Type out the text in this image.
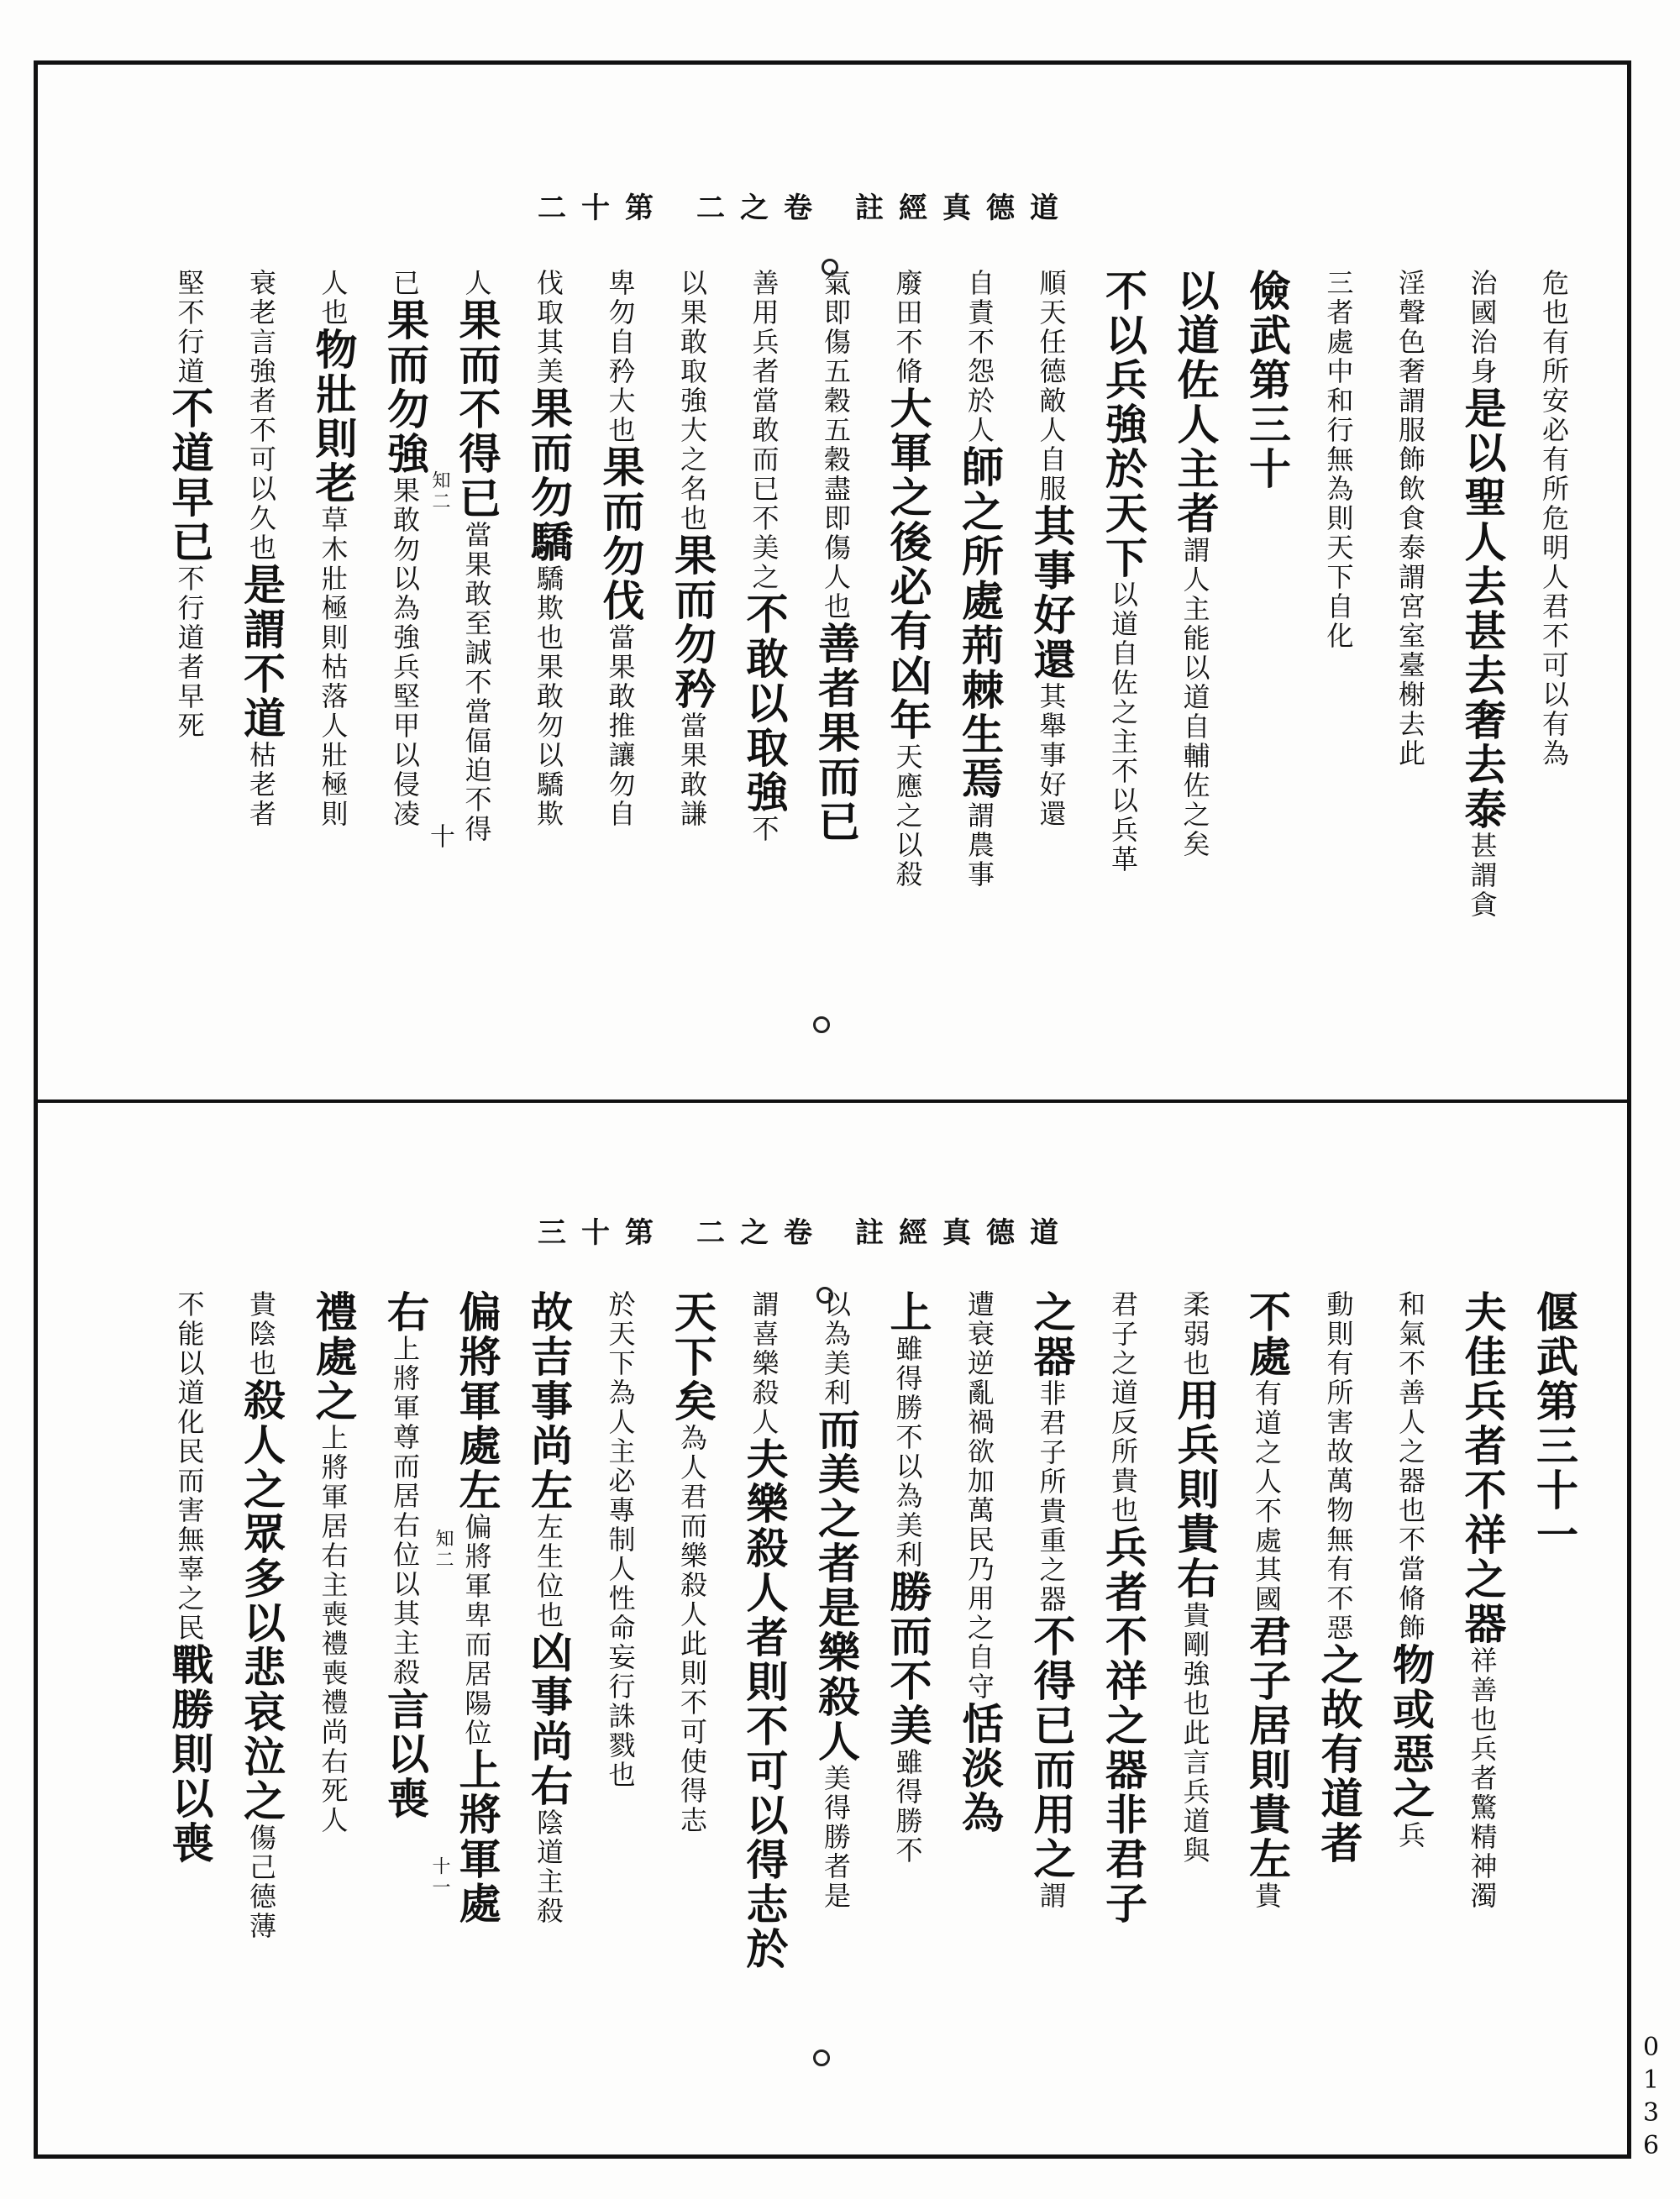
道
德
真
經
註
卷
之
二
第
十
二
道
德
真
經
註
卷
之
二
第
十
三
危也有所安必有所危明人君不可以有為
治國治身是以聖人去甚去奢去泰甚謂貪
淫聲色奢謂服飾飲食泰謂宮室臺榭去此
三者處中和行無為則天下自化
儉武第三十
以道佐人主者謂人主能以道自輔佐之矣
不以兵強於天下以道自佐之主不以兵革
順天任德敵人自服其事好還其舉事好還
自責不怨於人師之所處荊棘生焉謂農事
廢田不脩大軍之後必有凶年天應之以殺
氣即傷五穀五穀盡即傷人也善者果而已
善用兵者當敢而已不美之不敢以取強不
以果敢取強大之名也果而勿矜當果敢謙
卑勿自矜大也果而勿伐當果敢推讓勿自
伐取其美果而勿驕驕欺也果敢勿以驕欺
人果而不得已當果敢至誠不當偪迫不得
已果而勿強果敢勿以為強兵堅甲以侵凌
人也物壯則老草木壯極則枯落人壯極則
衰老言強者不可以久也是謂不道枯老者
堅不行道不道早已不行道者早死
偃武第三十一
夫佳兵者不祥之器祥善也兵者驚精神濁
和氣不善人之器也不當脩飾物或惡之兵
動則有所害故萬物無有不惡之故有道者
不處有道之人不處其國君子居則貴左貴
柔弱也用兵則貴右貴剛強也此言兵道與
君子之道反所貴也兵者不祥之器非君子
之器非君子所貴重之器不得已而用之謂
遭衰逆亂禍欲加萬民乃用之自守恬淡為
上雖得勝不以為美利勝而不美雖得勝不
以為美利而美之者是樂殺人美得勝者是
謂喜樂殺人夫樂殺人者則不可以得志於
天下矣為人君而樂殺人此則不可使得志
於天下為人主必專制人性命妄行誅戮也
故吉事尚左左生位也凶事尚右陰道主殺
偏將軍處左偏將軍卑而居陽位上將軍處
右上將軍尊而居右位以其主殺言以喪
禮處之上將軍居右主喪禮喪禮尚右死人
貴陰也殺人之眾多以悲哀泣之傷己德薄
不能以道化民而害無辜之民戰勝則以喪
知二
十
知二
十一
0136
